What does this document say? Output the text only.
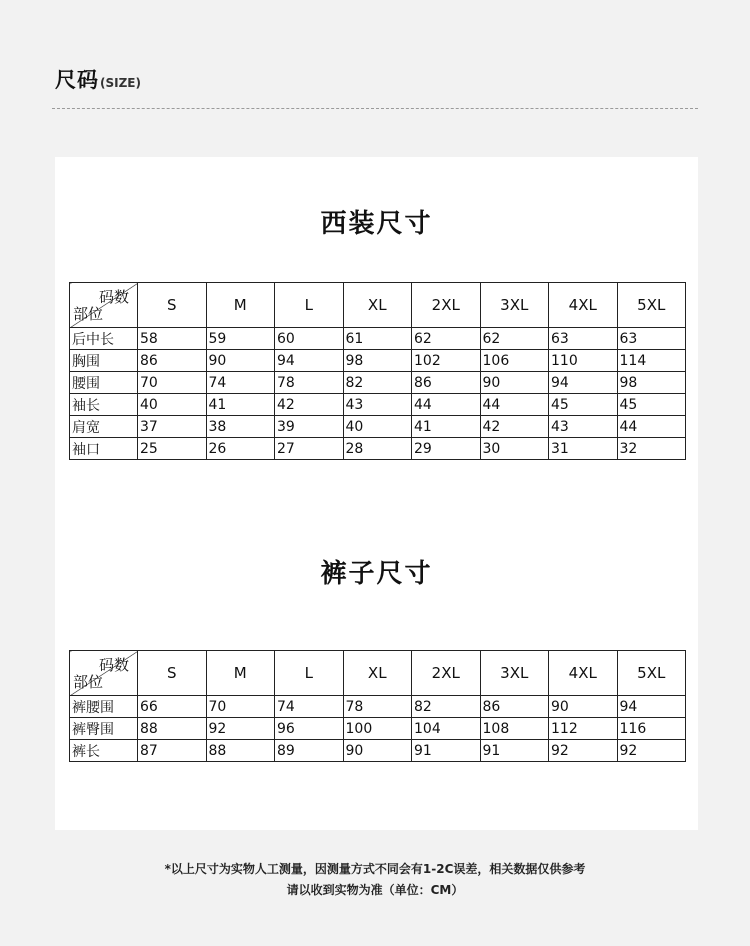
尺码 (SIZE)
西装尺寸
码数
部位	S	M	L	XL	2XL	3XL	4XL	5XL
后中长	58	59	60	61	62	62	63	63
胸围	86	90	94	98	102	106	110	114
腰围	70	74	78	82	86	90	94	98
袖长	40	41	42	43	44	44	45	45
肩宽	37	38	39	40	41	42	43	44
袖口	25	26	27	28	29	30	31	32
裤子尺寸
码数
部位	S	M	L	XL	2XL	3XL	4XL	5XL
裤腰围	66	70	74	78	82	86	90	94
裤臀围	88	92	96	100	104	108	112	116
裤长	87	88	89	90	91	91	92	92
*以上尺寸为实物人工测量，因测量方式不同会有1-2C误差，相关数据仅供参考
请以收到实物为准（单位：CM）
